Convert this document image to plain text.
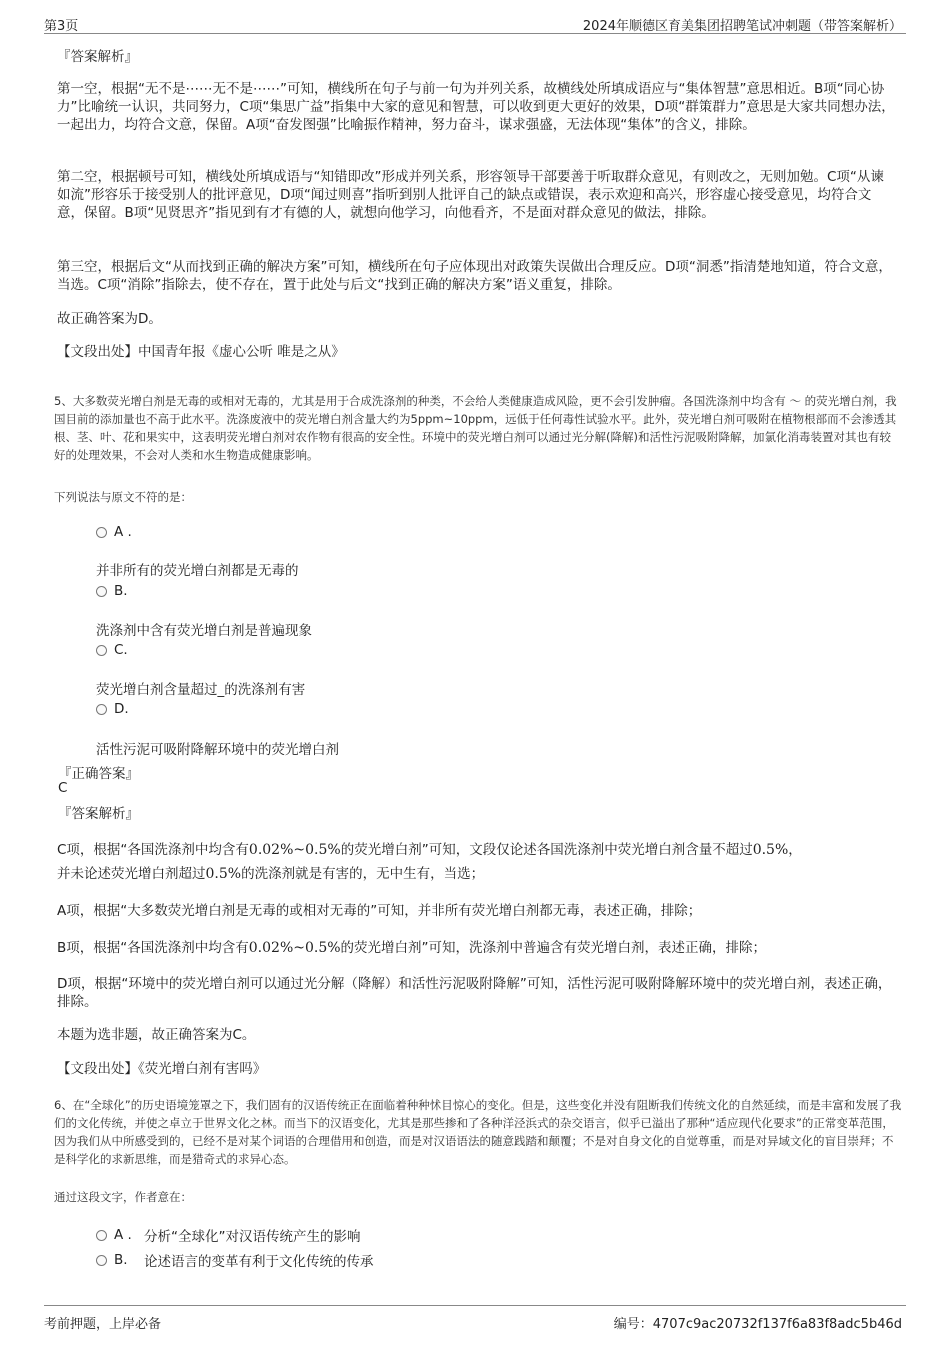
第3页	2024年顺德区育美集团招聘笔试冲刺题（带答案解析）
『答案解析』

第一空，根据“无不是⋯⋯无不是⋯⋯”可知，横线所在句子与前一句为并列关系，故横线处所填成语应与“集体智慧”意思相近。B项“同心协力”比喻统一认识，共同努力，C项“集思广益”指集中大家的意见和智慧，可以收到更大更好的效果，D项“群策群力”意思是大家共同想办法，一起出力，均符合文意，保留。A项“奋发图强”比喻振作精神，努力奋斗，谋求强盛，无法体现“集体”的含义，排除。

第二空，根据顿号可知，横线处所填成语与“知错即改”形成并列关系，形容领导干部要善于听取群众意见，有则改之，无则加勉。C项“从谏如流”形容乐于接受别人的批评意见，D项“闻过则喜”指听到别人批评自己的缺点或错误，表示欢迎和高兴，形容虚心接受意见，均符合文意，保留。B项“见贤思齐”指见到有才有德的人，就想向他学习，向他看齐，不是面对群众意见的做法，排除。

第三空，根据后文“从而找到正确的解决方案”可知，横线所在句子应体现出对政策失误做出合理反应。D项“洞悉”指清楚地知道，符合文意，当选。C项“消除”指除去，使不存在，置于此处与后文“找到正确的解决方案”语义重复，排除。

故正确答案为D。
【文段出处】中国青年报《虚心公听 唯是之从》
5、大多数荧光增白剂是无毒的或相对无毒的，尤其是用于合成洗涤剂的种类，不会给人类健康造成风险，更不会引发肿瘤。各国洗涤剂中均含有 ～ 的荧光增白剂，我国目前的添加量也不高于此水平。洗涤废液中的荧光增白剂含量大约为5ppm~10ppm，远低于任何毒性试验水平。此外，荧光增白剂可吸附在植物根部而不会渗透其根、茎、叶、花和果实中，这表明荧光增白剂对农作物有很高的安全性。环境中的荧光增白剂可以通过光分解(降解)和活性污泥吸附降解，加氯化消毒装置对其也有较好的处理效果，不会对人类和水生物造成健康影响。
下列说法与原文不符的是：
A .
并非所有的荧光增白剂都是无毒的
B.
洗涤剂中含有荧光增白剂是普遍现象
C.
荧光增白剂含量超过_的洗涤剂有害
D.
活性污泥可吸附降解环境中的荧光增白剂
『正确答案』
C
『答案解析』

C项，根据“各国洗涤剂中均含有0.02%~0.5%的荧光增白剂”可知，文段仅论述各国洗涤剂中荧光增白剂含量不超过0.5%，

并未论述荧光增白剂超过0.5%的洗涤剂就是有害的，无中生有，当选；

A项，根据“大多数荧光增白剂是无毒的或相对无毒的”可知，并非所有荧光增白剂都无毒，表述正确，排除；

B项，根据“各国洗涤剂中均含有0.02%~0.5%的荧光增白剂”可知，洗涤剂中普遍含有荧光增白剂，表述正确，排除；

D项，根据“环境中的荧光增白剂可以通过光分解（降解）和活性污泥吸附降解”可知，活性污泥可吸附降解环境中的荧光增白剂，表述正确，排除。

本题为选非题，故正确答案为C。
【文段出处】《荧光增白剂有害吗》
6、在“全球化”的历史语境笼罩之下，我们固有的汉语传统正在面临着种种怵目惊心的变化。但是，这些变化并没有阻断我们传统文化的自然延续，而是丰富和发展了我们的文化传统，并使之卓立于世界文化之林。而当下的汉语变化，尤其是那些掺和了各种洋泾浜式的杂交语言，似乎已溢出了那种“适应现代化要求”的正常变革范围，因为我们从中所感受到的，已经不是对某个词语的合理借用和创造，而是对汉语语法的随意践踏和颠覆；不是对自身文化的自觉尊重，而是对异域文化的盲目崇拜；不是科学化的求新思维，而是猎奇式的求异心态。
通过这段文字，作者意在：
A . 分析“全球化”对汉语传统产生的影响
B.	论述语言的变革有利于文化传统的传承
考前押题，上岸必备	编号：4707c9ac20732f137f6a83f8adc5b46d
